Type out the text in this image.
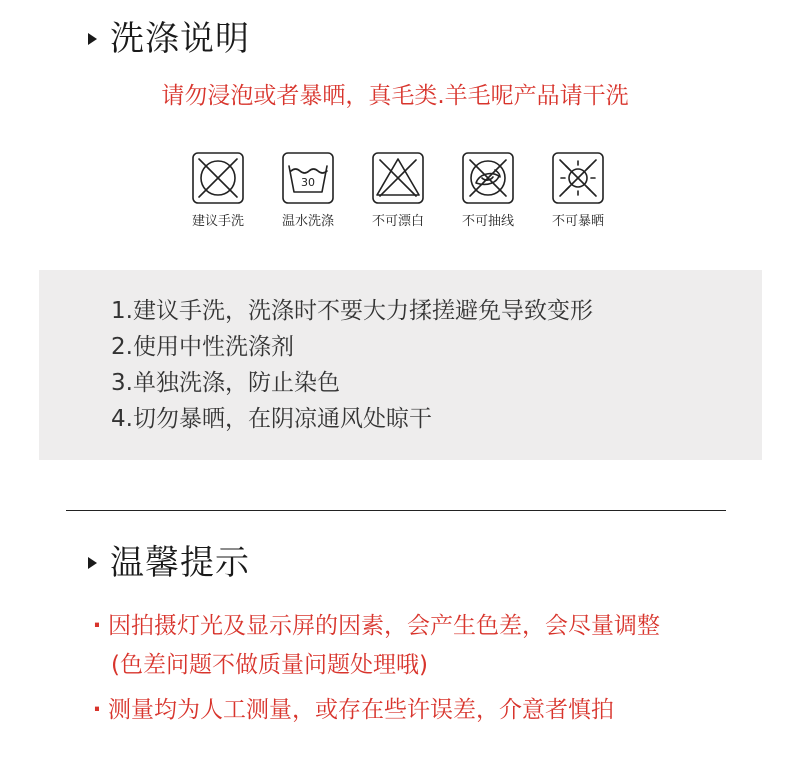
洗涤说明
请勿浸泡或者暴晒，真毛类.羊毛呢产品请干洗
建议手洗
30
温水洗涤	不可漂白	不可抽线	不可暴晒
1.建议手洗，洗涤时不要大力揉搓避免导致变形
2.使用中性洗涤剂
3.单独洗涤，防止染色
4.切勿暴晒，在阴凉通风处晾干
温馨提示
· 因拍摄灯光及显示屏的因素，会产生色差，会尽量调整
(色差问题不做质量问题处理哦)
· 测量均为人工测量，或存在些许误差，介意者慎拍
